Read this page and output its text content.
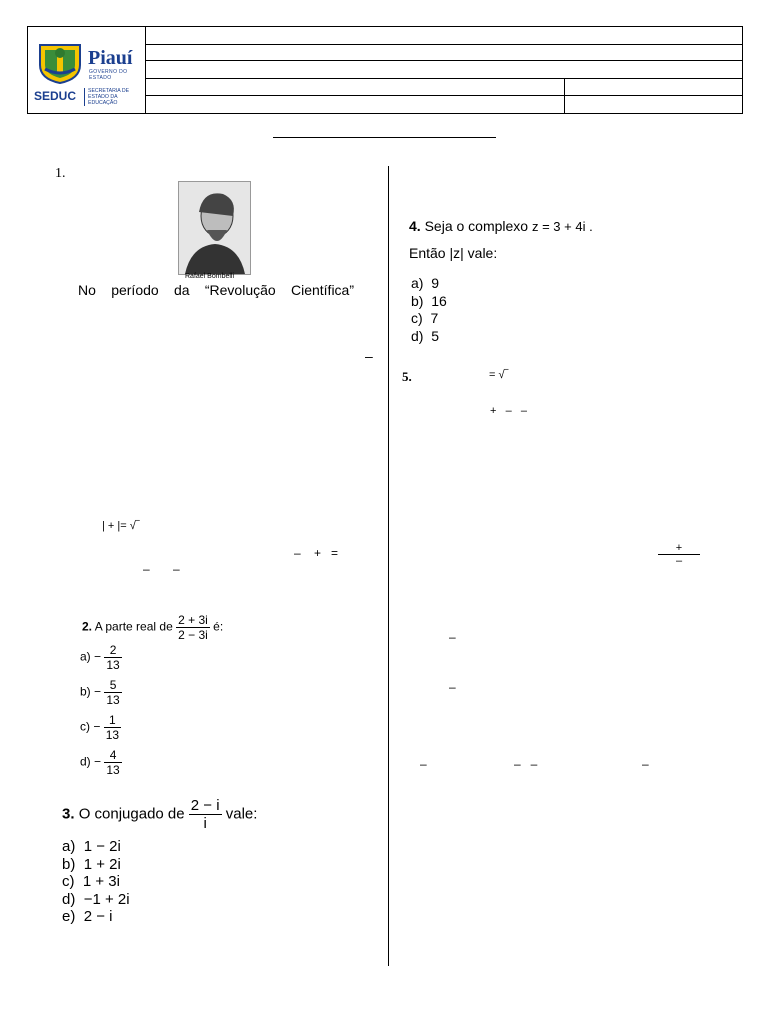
Piauí
GOVERNO DO ESTADO
SEDUC SECRETARIA DE
ESTADO DA EDUCAÇÃO
1.
Rafael Bombelli
No período da “Revolução Científica”
–
| + |= √‾
–    +   =
–       –
2. A parte real de $\frac{2 + 3i}{2 - 3i}$ é:
$a) - \frac{2}{13}$
$b) - \frac{5}{13}$
$c) - \frac{1}{13}$
$d) - \frac{4}{13}$
3. O conjugado de $\frac{2 - i}{i}$ vale:
a) 1 − 2i
b) 1 + 2i
c) 1 + 3i
d) −1 + 2i
e) 2 − i
4. Seja o complexo z = 3 + 4i .
Então |z| vale:
a) 9
b) 16
c) 7
d) 5
5.	= √‾
+   –   –
+
–
–
–
–	–   –	–
